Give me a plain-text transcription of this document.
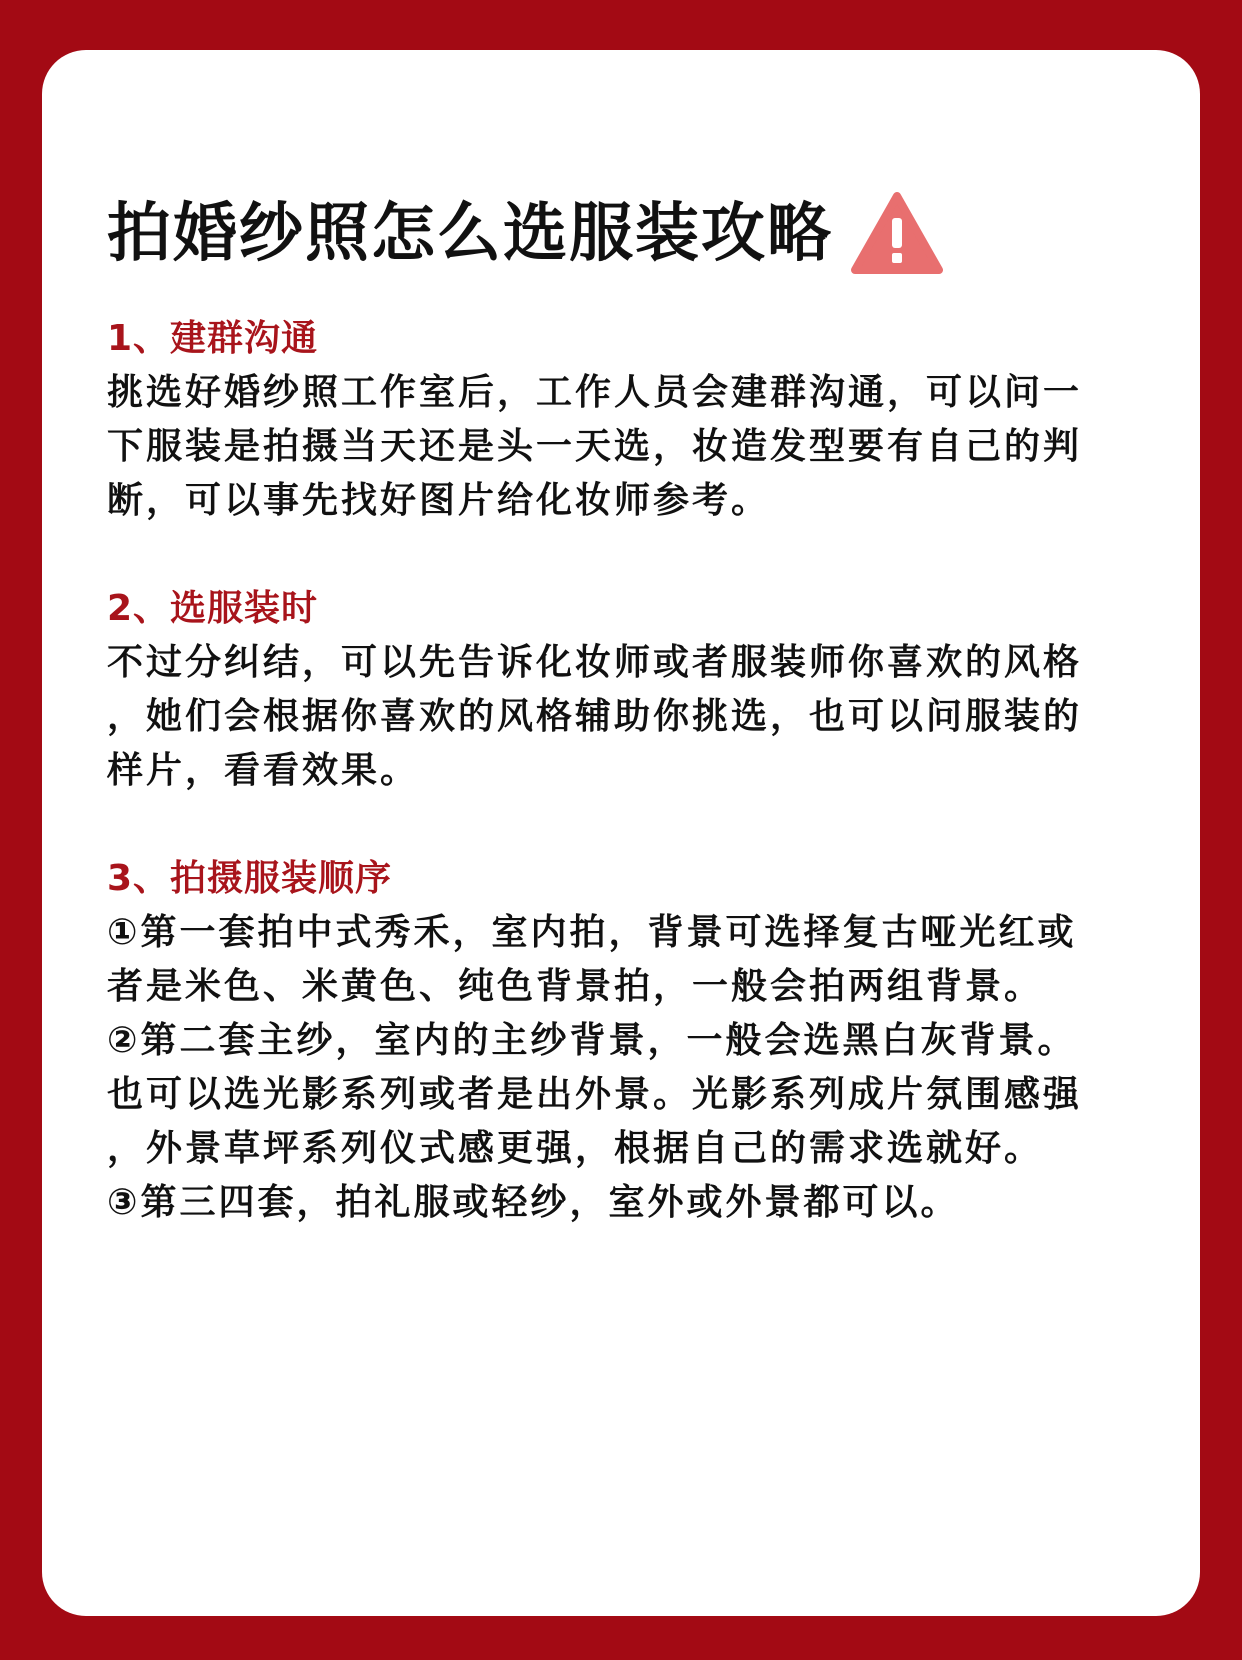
拍婚纱照怎么选服装攻略
1、建群沟通
挑选好婚纱照工作室后，工作人员会建群沟通，可以问一
下服装是拍摄当天还是头一天选，妆造发型要有自己的判
断，可以事先找好图片给化妆师参考。
2、选服装时
不过分纠结，可以先告诉化妆师或者服装师你喜欢的风格
，她们会根据你喜欢的风格辅助你挑选，也可以问服装的
样片，看看效果。
3、拍摄服装顺序
①第一套拍中式秀禾，室内拍，背景可选择复古哑光红或
者是米色、米黄色、纯色背景拍，一般会拍两组背景。
②第二套主纱，室内的主纱背景，一般会选黑白灰背景。
也可以选光影系列或者是出外景。光影系列成片氛围感强
，外景草坪系列仪式感更强，根据自己的需求选就好。
③第三四套，拍礼服或轻纱，室外或外景都可以。
